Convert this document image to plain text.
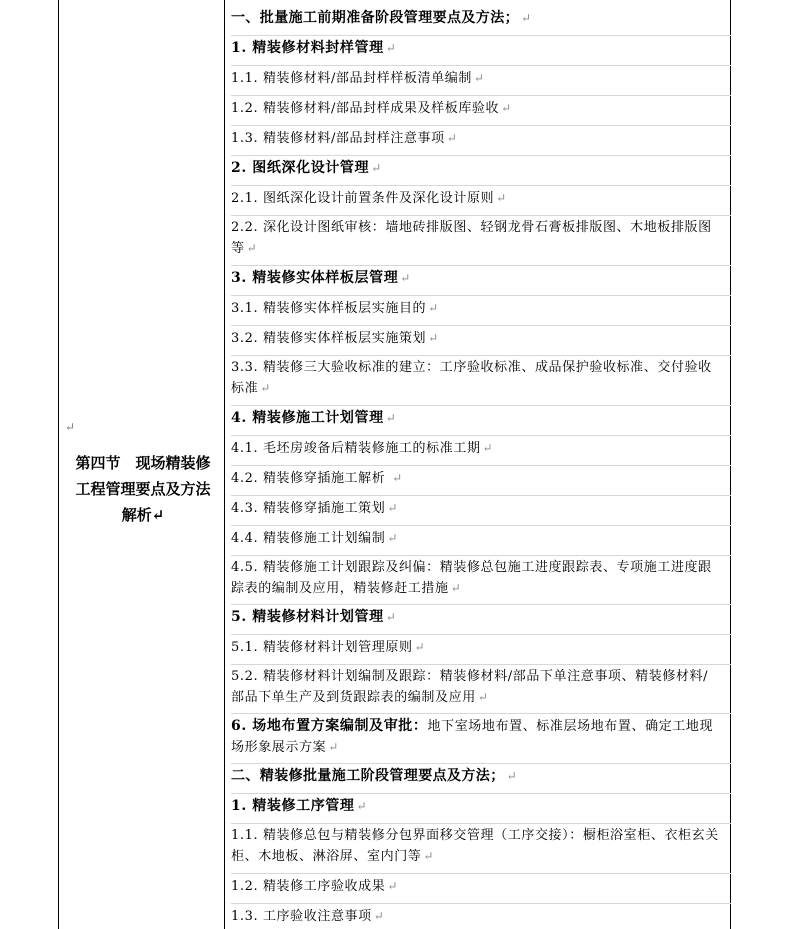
↵
第四节　现场精装修工程管理要点及方法解析↵
一、批量施工前期准备阶段管理要点及方法； ↵
1. 精装修材料封样管理 ↵
1.1. 精装修材料/部品封样样板清单编制 ↵
1.2. 精装修材料/部品封样成果及样板库验收 ↵
1.3. 精装修材料/部品封样注意事项 ↵
2. 图纸深化设计管理 ↵
2.1. 图纸深化设计前置条件及深化设计原则 ↵
2.2. 深化设计图纸审核：墙地砖排版图、轻钢龙骨石膏板排版图、木地板排版图等 ↵
3. 精装修实体样板层管理 ↵
3.1. 精装修实体样板层实施目的 ↵
3.2. 精装修实体样板层实施策划 ↵
3.3. 精装修三大验收标准的建立：工序验收标准、成品保护验收标准、交付验收标准 ↵
4. 精装修施工计划管理 ↵
4.1. 毛坯房竣备后精装修施工的标准工期 ↵
4.2. 精装修穿插施工解析 ↵
4.3. 精装修穿插施工策划 ↵
4.4. 精装修施工计划编制 ↵
4.5. 精装修施工计划跟踪及纠偏：精装修总包施工进度跟踪表、专项施工进度跟踪表的编制及应用，精装修赶工措施 ↵
5. 精装修材料计划管理 ↵
5.1. 精装修材料计划管理原则 ↵
5.2. 精装修材料计划编制及跟踪：精装修材料/部品下单注意事项、精装修材料/部品下单生产及到货跟踪表的编制及应用 ↵
6. 场地布置方案编制及审批：地下室场地布置、标准层场地布置、确定工地现场形象展示方案 ↵
二、精装修批量施工阶段管理要点及方法； ↵
1. 精装修工序管理 ↵
1.1. 精装修总包与精装修分包界面移交管理（工序交接）：橱柜浴室柜、衣柜玄关柜、木地板、淋浴屏、室内门等 ↵
1.2. 精装修工序验收成果 ↵
1.3. 工序验收注意事项 ↵
